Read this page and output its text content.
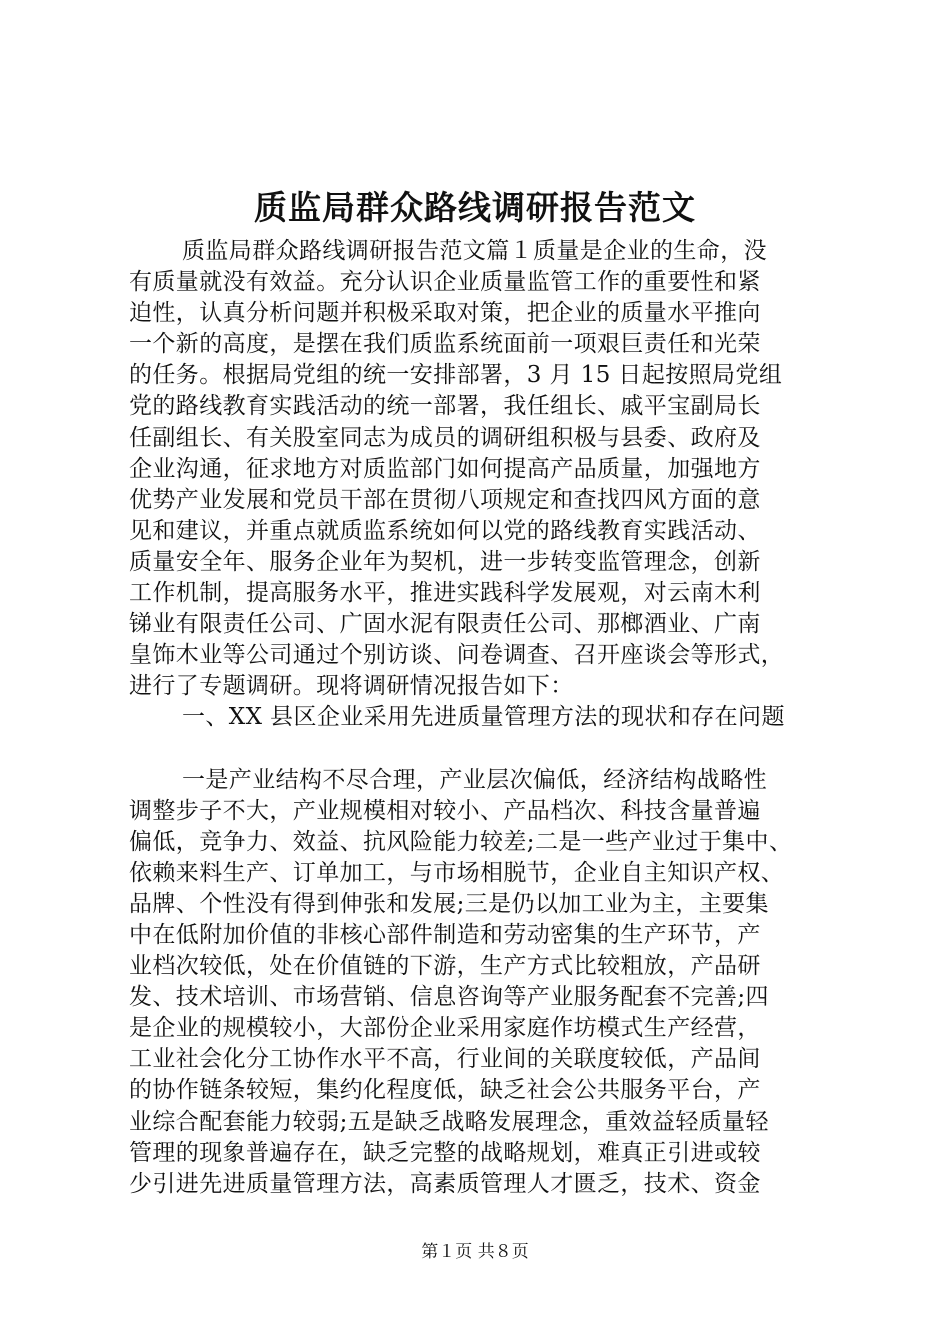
质监局群众路线调研报告范文
质监局群众路线调研报告范文篇１质量是企业的生命，没
有质量就没有效益。充分认识企业质量监管工作的重要性和紧
迫性，认真分析问题并积极采取对策，把企业的质量水平推向
一个新的高度，是摆在我们质监系统面前一项艰巨责任和光荣
的任务。根据局党组的统一安排部署，3 月 15 日起按照局党组
党的路线教育实践活动的统一部署，我任组长、戚平宝副局长
任副组长、有关股室同志为成员的调研组积极与县委、政府及
企业沟通，征求地方对质监部门如何提高产品质量，加强地方
优势产业发展和党员干部在贯彻八项规定和查找四风方面的意
见和建议，并重点就质监系统如何以党的路线教育实践活动、
质量安全年、服务企业年为契机，进一步转变监管理念，创新
工作机制，提高服务水平，推进实践科学发展观，对云南木利
锑业有限责任公司、广固水泥有限责任公司、那榔酒业、广南
皇饰木业等公司通过个别访谈、问卷调查、召开座谈会等形式，
进行了专题调研。现将调研情况报告如下：
一、XX 县区企业采用先进质量管理方法的现状和存在问题
一是产业结构不尽合理，产业层次偏低，经济结构战略性
调整步子不大，产业规模相对较小、产品档次、科技含量普遍
偏低，竞争力、效益、抗风险能力较差;二是一些产业过于集中、
依赖来料生产、订单加工，与市场相脱节，企业自主知识产权、
品牌、个性没有得到伸张和发展;三是仍以加工业为主，主要集
中在低附加价值的非核心部件制造和劳动密集的生产环节，产
业档次较低，处在价值链的下游，生产方式比较粗放，产品研
发、技术培训、市场营销、信息咨询等产业服务配套不完善;四
是企业的规模较小，大部份企业采用家庭作坊模式生产经营，
工业社会化分工协作水平不高，行业间的关联度较低，产品间
的协作链条较短，集约化程度低，缺乏社会公共服务平台，产
业综合配套能力较弱;五是缺乏战略发展理念，重效益轻质量轻
管理的现象普遍存在，缺乏完整的战略规划，难真正引进或较
少引进先进质量管理方法，高素质管理人才匮乏，技术、资金
第１页 共８页
